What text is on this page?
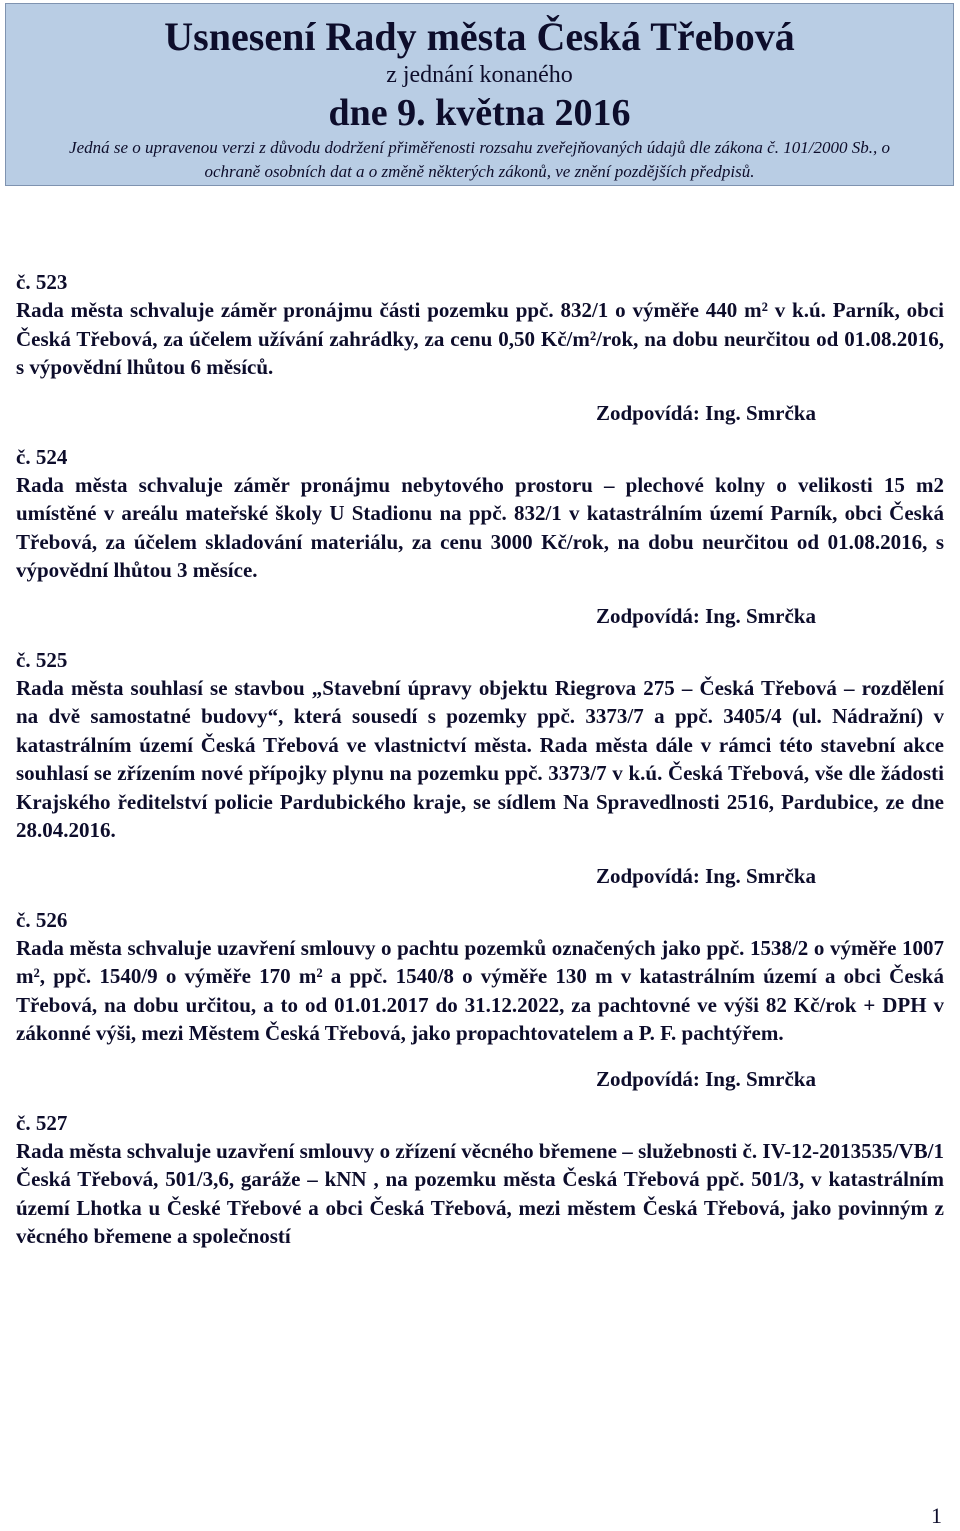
Usnesení Rady města Česká Třebová
z jednání konaného
dne 9. května 2016
Jedná se o upravenou verzi z důvodu dodržení přiměřenosti rozsahu zveřejňovaných údajů dle zákona č. 101/2000 Sb., o ochraně osobních dat a o změně některých zákonů, ve znění pozdějších předpisů.
č. 523

Rada města schvaluje záměr pronájmu části pozemku ppč. 832/1 o výměře 440 m² v k.ú. Parník, obci Česká Třebová, za účelem užívání zahrádky, za cenu 0,50 Kč/m²/rok, na dobu neurčitou od 01.08.2016, s výpovědní lhůtou 6 měsíců.

Zodpovídá: Ing. Smrčka
č. 524

Rada města schvaluje záměr pronájmu nebytového prostoru – plechové kolny o velikosti 15 m2 umístěné v areálu mateřské školy U Stadionu na ppč. 832/1 v katastrálním území Parník, obci Česká Třebová, za účelem skladování materiálu, za cenu 3000 Kč/rok, na dobu neurčitou od 01.08.2016, s výpovědní lhůtou 3 měsíce.

Zodpovídá: Ing. Smrčka
č. 525

Rada města souhlasí se stavbou „Stavební úpravy objektu Riegrova 275 – Česká Třebová – rozdělení na dvě samostatné budovy“, která sousedí s pozemky ppč. 3373/7 a ppč. 3405/4 (ul. Nádražní) v katastrálním území Česká Třebová ve vlastnictví města. Rada města dále v rámci této stavební akce souhlasí se zřízením nové přípojky plynu na pozemku ppč. 3373/7 v k.ú. Česká Třebová, vše dle žádosti Krajského ředitelství policie Pardubického kraje, se sídlem Na Spravedlnosti 2516, Pardubice, ze dne 28.04.2016.

Zodpovídá: Ing. Smrčka
č. 526

Rada města schvaluje uzavření smlouvy o pachtu pozemků označených jako ppč. 1538/2 o výměře 1007 m², ppč. 1540/9 o výměře 170 m² a ppč. 1540/8 o výměře 130 m v katastrálním území a obci Česká Třebová, na dobu určitou, a to od 01.01.2017 do 31.12.2022, za pachtovné ve výši 82 Kč/rok + DPH v zákonné výši, mezi Městem Česká Třebová, jako propachtovatelem a P. F. pachtýřem.

Zodpovídá: Ing. Smrčka
č. 527

Rada města schvaluje uzavření smlouvy o zřízení věcného břemene – služebnosti č. IV-12-2013535/VB/1 Česká Třebová, 501/3,6, garáže – kNN , na pozemku města Česká Třebová ppč. 501/3, v katastrálním území Lhotka u České Třebové a obci Česká Třebová, mezi městem Česká Třebová, jako povinným z věcného břemene a společností

1
